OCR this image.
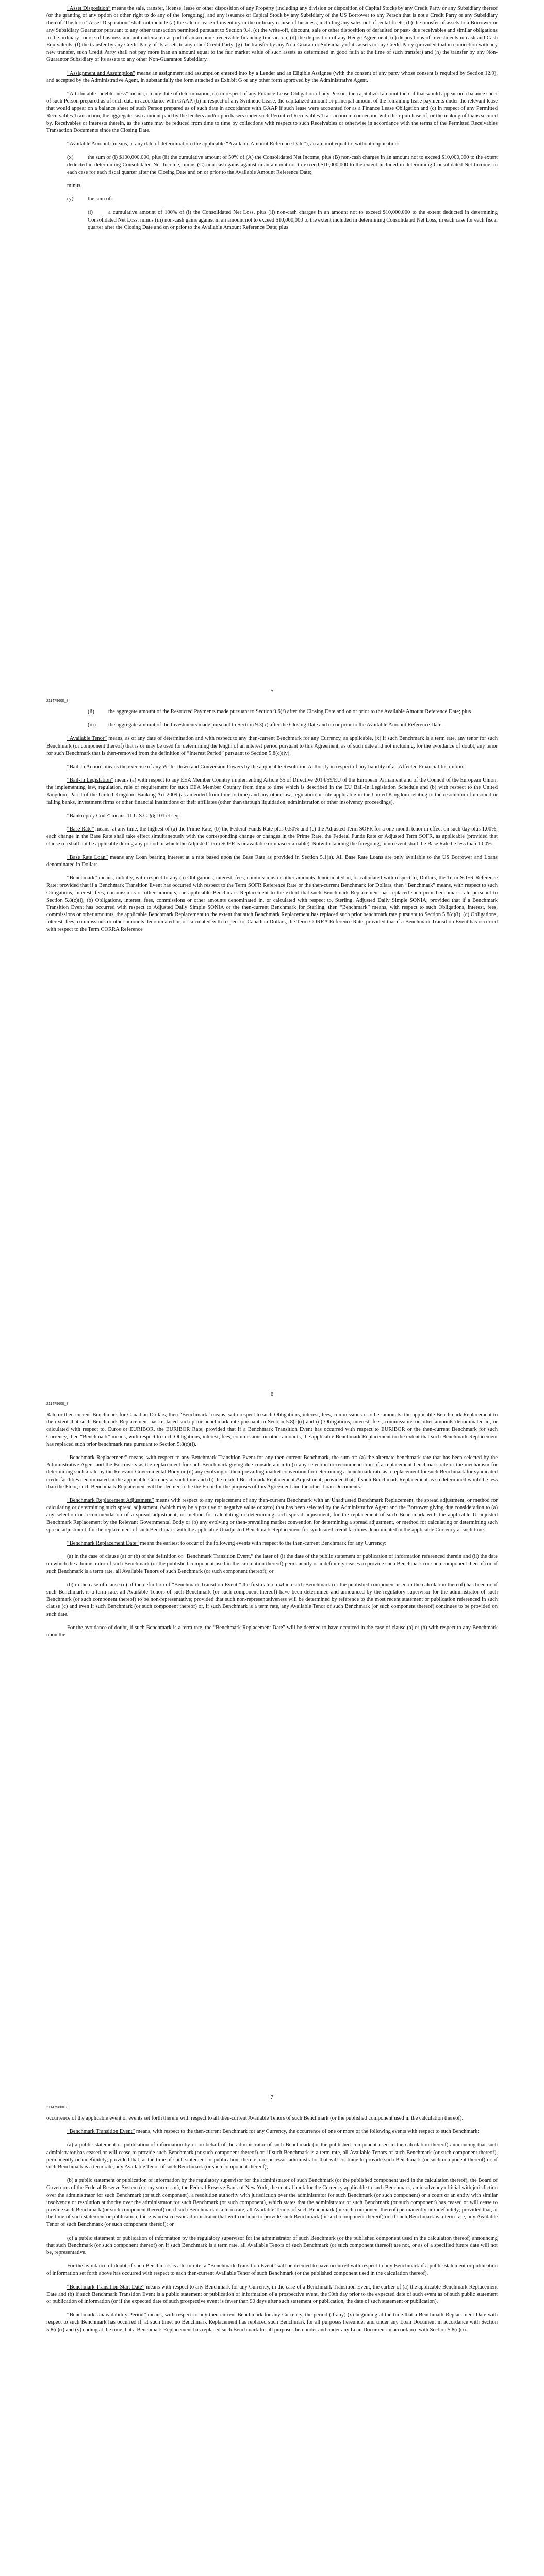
“Asset Disposition” means the sale, transfer, license, lease or other disposition of any Property (including any division or disposition of Capital Stock) by any Credit Party or any Subsidiary thereof (or the granting of any option or other right to do any of the foregoing), and any issuance of Capital Stock by any Subsidiary of the US Borrower to any Person that is not a Credit Party or any Subsidiary thereof. The term “Asset Disposition” shall not include (a) the sale or lease of inventory in the ordinary course of business, including any sales out of rental fleets, (b) the transfer of assets to a Borrower or any Subsidiary Guarantor pursuant to any other transaction permitted pursuant to Section 9.4, (c) the write-off, discount, sale or other disposition of defaulted or past- due receivables and similar obligations in the ordinary course of business and not undertaken as part of an accounts receivable financing transaction, (d) the disposition of any Hedge Agreement, (e) dispositions of Investments in cash and Cash Equivalents, (f) the transfer by any Credit Party of its assets to any other Credit Party, (g) the transfer by any Non-Guarantor Subsidiary of its assets to any Credit Party (provided that in connection with any new transfer, such Credit Party shall not pay more than an amount equal to the fair market value of such assets as determined in good faith at the time of such transfer) and (h) the transfer by any Non-Guarantor Subsidiary of its assets to any other Non-Guarantor Subsidiary.

“Assignment and Assumption” means an assignment and assumption entered into by a Lender and an Eligible Assignee (with the consent of any party whose consent is required by Section 12.9), and accepted by the Administrative Agent, in substantially the form attached as Exhibit G or any other form approved by the Administrative Agent.

“Attributable Indebtedness” means, on any date of determination, (a) in respect of any Finance Lease Obligation of any Person, the capitalized amount thereof that would appear on a balance sheet of such Person prepared as of such date in accordance with GAAP, (b) in respect of any Synthetic Lease, the capitalized amount or principal amount of the remaining lease payments under the relevant lease that would appear on a balance sheet of such Person prepared as of such date in accordance with GAAP if such lease were accounted for as a Finance Lease Obligation and (c) in respect of any Permitted Receivables Transaction, the aggregate cash amount paid by the lenders and/or purchasers under such Permitted Receivables Transaction in connection with their purchase of, or the making of loans secured by, Receivables or interests therein, as the same may be reduced from time to time by collections with respect to such Receivables or otherwise in accordance with the terms of the Permitted Receivables Transaction Documents since the Closing Date.

“Available Amount” means, at any date of determination (the applicable “Available Amount Reference Date”), an amount equal to, without duplication:

(x)	the sum of (i) $100,000,000, plus (ii) the cumulative amount of 50% of (A) the Consolidated Net Income, plus (B) non-cash charges in an amount not to exceed $10,000,000 to the extent deducted in determining Consolidated Net Income, minus (C) non-cash gains against in an amount not to exceed $10,000,000 to the extent included in determining Consolidated Net Income, in each case for each fiscal quarter after the Closing Date and on or prior to the Available Amount Reference Date;

minus

(y)	the sum of:

(i)	a cumulative amount of 100% of (i) the Consolidated Net Loss, plus (ii) non-cash charges in an amount not to exceed $10,000,000 to the extent deducted in determining Consolidated Net Loss, minus (iii) non-cash gains against in an amount not to exceed $10,000,000 to the extent included in determining Consolidated Net Loss, in each case for each fiscal quarter after the Closing Date and on or prior to the Available Amount Reference Date; plus

5
211479600_8

(ii)	the aggregate amount of the Restricted Payments made pursuant to Section 9.6(f) after the Closing Date and on or prior to the Available Amount Reference Date; plus

(iii) the aggregate amount of the Investments made pursuant to Section 9.3(x) after the Closing Date and on or prior to the Available Amount Reference Date.

“Available Tenor” means, as of any date of determination and with respect to any then-current Benchmark for any Currency, as applicable, (x) if such Benchmark is a term rate, any tenor for such Benchmark (or component thereof) that is or may be used for determining the length of an interest period pursuant to this Agreement, as of such date and not including, for the avoidance of doubt, any tenor for such Benchmark that is then-removed from the definition of “Interest Period” pursuant to Section 5.8(c)(iv).

“Bail-In Action” means the exercise of any Write-Down and Conversion Powers by the applicable Resolution Authority in respect of any liability of an Affected Financial Institution.

“Bail-In Legislation” means (a) with respect to any EEA Member Country implementing Article 55 of Directive 2014/59/EU of the European Parliament and of the Council of the European Union, the implementing law, regulation, rule or requirement for such EEA Member Country from time to time which is described in the EU Bail-In Legislation Schedule and (b) with respect to the United Kingdom, Part I of the United Kingdom Banking Act 2009 (as amended from time to time) and any other law, regulation or rule applicable in the United Kingdom relating to the resolution of unsound or failing banks, investment firms or other financial institutions or their affiliates (other than through liquidation, administration or other insolvency proceedings).

“Bankruptcy Code” means 11 U.S.C. §§ 101 et seq.

“Base Rate” means, at any time, the highest of (a) the Prime Rate, (b) the Federal Funds Rate plus 0.50% and (c) the Adjusted Term SOFR for a one-month tenor in effect on such day plus 1.00%; each change in the Base Rate shall take effect simultaneously with the corresponding change or changes in the Prime Rate, the Federal Funds Rate or Adjusted Term SOFR, as applicable (provided that clause (c) shall not be applicable during any period in which the Adjusted Term SOFR is unavailable or unascertainable). Notwithstanding the foregoing, in no event shall the Base Rate be less than 1.00%.

“Base Rate Loan” means any Loan bearing interest at a rate based upon the Base Rate as provided in Section 5.1(a). All Base Rate Loans are only available to the US Borrower and Loans denominated in Dollars.

“Benchmark” means, initially, with respect to any (a) Obligations, interest, fees, commissions or other amounts denominated in, or calculated with respect to, Dollars, the Term SOFR Reference Rate; provided that if a Benchmark Transition Event has occurred with respect to the Term SOFR Reference Rate or the then-current Benchmark for Dollars, then “Benchmark” means, with respect to such Obligations, interest, fees, commissions or other amounts, the applicable Benchmark Replacement to the extent that such Benchmark Replacement has replaced such prior benchmark rate pursuant to Section 5.8(c)(i), (b) Obligations, interest, fees, commissions or other amounts denominated in, or calculated with respect to, Sterling, Adjusted Daily Simple SONIA; provided that if a Benchmark Transition Event has occurred with respect to Adjusted Daily Simple SONIA or the then-current Benchmark for Sterling, then “Benchmark” means, with respect to such Obligations, interest, fees, commissions or other amounts, the applicable Benchmark Replacement to the extent that such Benchmark Replacement has replaced such prior benchmark rate pursuant to Section 5.8(c)(i), (c) Obligations, interest, fees, commissions or other amounts denominated in, or calculated with respect to, Canadian Dollars, the Term CORRA Reference Rate; provided that if a Benchmark Transition Event has occurred with respect to the Term CORRA Reference

6
211479600_8

Rate or then-current Benchmark for Canadian Dollars, then “Benchmark” means, with respect to such Obligations, interest, fees, commissions or other amounts, the applicable Benchmark Replacement to the extent that such Benchmark Replacement has replaced such prior benchmark rate pursuant to Section 5.8(c)(i) and (d) Obligations, interest, fees, commissions or other amounts denominated in, or calculated with respect to, Euros or EURIBOR, the EURIBOR Rate; provided that if a Benchmark Transition Event has occurred with respect to EURIBOR or the then-current Benchmark for such Currency, then “Benchmark” means, with respect to such Obligations, interest, fees, commissions or other amounts, the applicable Benchmark Replacement to the extent that such Benchmark Replacement has replaced such prior benchmark rate pursuant to Section 5.8(c)(i).

“Benchmark Replacement” means, with respect to any Benchmark Transition Event for any then-current Benchmark, the sum of: (a) the alternate benchmark rate that has been selected by the Administrative Agent and the Borrowers as the replacement for such Benchmark giving due consideration to (i) any selection or recommendation of a replacement benchmark rate or the mechanism for determining such a rate by the Relevant Governmental Body or (ii) any evolving or then-prevailing market convention for determining a benchmark rate as a replacement for such Benchmark for syndicated credit facilities denominated in the applicable Currency at such time and (b) the related Benchmark Replacement Adjustment; provided that, if such Benchmark Replacement as so determined would be less than the Floor, such Benchmark Replacement will be deemed to be the Floor for the purposes of this Agreement and the other Loan Documents.

“Benchmark Replacement Adjustment” means with respect to any replacement of any then-current Benchmark with an Unadjusted Benchmark Replacement, the spread adjustment, or method for calculating or determining such spread adjustment, (which may be a positive or negative value or zero) that has been selected by the Administrative Agent and the Borrower giving due consideration to (a) any selection or recommendation of a spread adjustment, or method for calculating or determining such spread adjustment, for the replacement of such Benchmark with the applicable Unadjusted Benchmark Replacement by the Relevant Governmental Body or (b) any evolving or then-prevailing market convention for determining a spread adjustment, or method for calculating or determining such spread adjustment, for the replacement of such Benchmark with the applicable Unadjusted Benchmark Replacement for syndicated credit facilities denominated in the applicable Currency at such time.

“Benchmark Replacement Date” means the earliest to occur of the following events with respect to the then-current Benchmark for any Currency:

(a) in the case of clause (a) or (b) of the definition of “Benchmark Transition Event,” the later of (i) the date of the public statement or publication of information referenced therein and (ii) the date on which the administrator of such Benchmark (or the published component used in the calculation thereof) permanently or indefinitely ceases to provide such Benchmark (or such component thereof) or, if such Benchmark is a term rate, all Available Tenors of such Benchmark (or such component thereof); or

(b) in the case of clause (c) of the definition of “Benchmark Transition Event,” the first date on which such Benchmark (or the published component used in the calculation thereof) has been or, if such Benchmark is a term rate, all Available Tenors of such Benchmark (or such component thereof) have been determined and announced by the regulatory supervisor for the administrator of such Benchmark (or such component thereof) to be non-representative; provided that such non-representativeness will be determined by reference to the most recent statement or publication referenced in such clause (c) and even if such Benchmark (or such component thereof) or, if such Benchmark is a term rate, any Available Tenor of such Benchmark (or such component thereof) continues to be provided on such date.

For the avoidance of doubt, if such Benchmark is a term rate, the “Benchmark Replacement Date” will be deemed to have occurred in the case of clause (a) or (b) with respect to any Benchmark upon the

7
211479600_8

occurrence of the applicable event or events set forth therein with respect to all then-current Available Tenors of such Benchmark (or the published component used in the calculation thereof).

“Benchmark Transition Event” means, with respect to the then-current Benchmark for any Currency, the occurrence of one or more of the following events with respect to such Benchmark:

(a) a public statement or publication of information by or on behalf of the administrator of such Benchmark (or the published component used in the calculation thereof) announcing that such administrator has ceased or will cease to provide such Benchmark (or such component thereof) or, if such Benchmark is a term rate, all Available Tenors of such Benchmark (or such component thereof), permanently or indefinitely; provided that, at the time of such statement or publication, there is no successor administrator that will continue to provide such Benchmark (or such component thereof) or, if such Benchmark is a term rate, any Available Tenor of such Benchmark (or such component thereof);

(b) a public statement or publication of information by the regulatory supervisor for the administrator of such Benchmark (or the published component used in the calculation thereof), the Board of Governors of the Federal Reserve System (or any successor), the Federal Reserve Bank of New York, the central bank for the Currency applicable to such Benchmark, an insolvency official with jurisdiction over the administrator for such Benchmark (or such component), a resolution authority with jurisdiction over the administrator for such Benchmark (or such component) or a court or an entity with similar insolvency or resolution authority over the administrator for such Benchmark (or such component), which states that the administrator of such Benchmark (or such component) has ceased or will cease to provide such Benchmark (or such component thereof) or, if such Benchmark is a term rate, all Available Tenors of such Benchmark (or such component thereof) permanently or indefinitely; provided that, at the time of such statement or publication, there is no successor administrator that will continue to provide such Benchmark (or such component thereof) or, if such Benchmark is a term rate, any Available Tenor of such Benchmark (or such component thereof); or

(c) a public statement or publication of information by the regulatory supervisor for the administrator of such Benchmark (or the published component used in the calculation thereof) announcing that such Benchmark (or such component thereof) or, if such Benchmark is a term rate, all Available Tenors of such Benchmark (or such component thereof) are not, or as of a specified future date will not be, representative.

For the avoidance of doubt, if such Benchmark is a term rate, a “Benchmark Transition Event” will be deemed to have occurred with respect to any Benchmark if a public statement or publication of information set forth above has occurred with respect to each then-current Available Tenor of such Benchmark (or the published component used in the calculation thereof).

“Benchmark Transition Start Date” means with respect to any Benchmark for any Currency, in the case of a Benchmark Transition Event, the earlier of (a) the applicable Benchmark Replacement Date and (b) if such Benchmark Transition Event is a public statement or publication of information of a prospective event, the 90th day prior to the expected date of such event as of such public statement or publication of information (or if the expected date of such prospective event is fewer than 90 days after such statement or publication, the date of such statement or publication).

“Benchmark Unavailability Period” means, with respect to any then-current Benchmark for any Currency, the period (if any) (x) beginning at the time that a Benchmark Replacement Date with respect to such Benchmark has occurred if, at such time, no Benchmark Replacement has replaced such Benchmark for all purposes hereunder and under any Loan Document in accordance with Section 5.8(c)(i) and (y) ending at the time that a Benchmark Replacement has replaced such Benchmark for all purposes hereunder and under any Loan Document in accordance with Section 5.8(c)(i).
